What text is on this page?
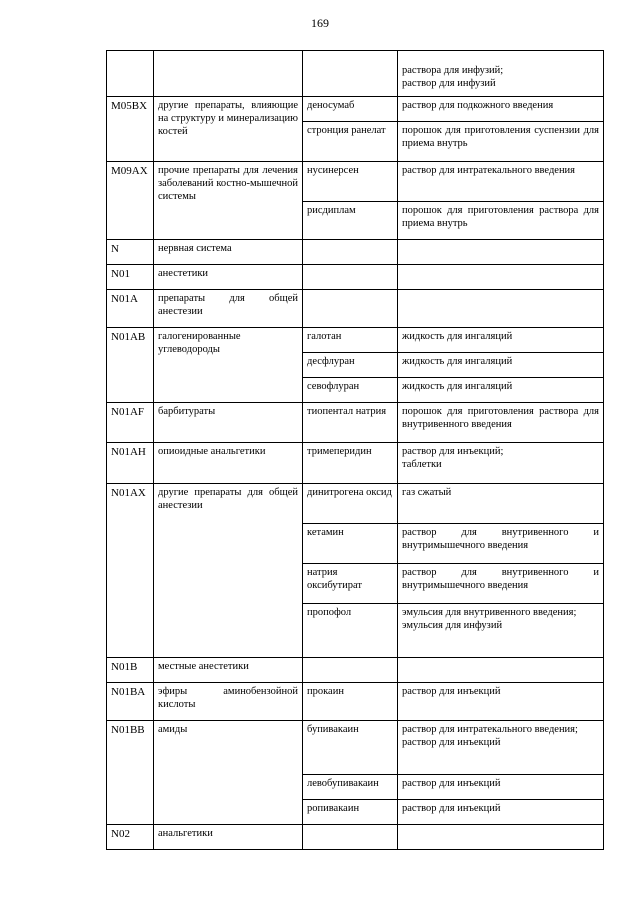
169

			раствора для инфузий;
раствор для инфузий

M05BX	другие препараты, влияющие на структуру и минерализацию костей	деносумаб	раствор для подкожного введения
		стронция ранелат	порошок для приготовления суспензии для приема внутрь
M09AX	прочие препараты для лечения заболеваний костно-мышечной системы	нусинерсен	раствор для интратекального введения
		рисдиплам	порошок для приготовления раствора для приема внутрь
N	нервная система		
N01	анестетики		
N01A	препараты для общей анестезии		
N01AB	галогенированные углеводороды	галотан	жидкость для ингаляций
		десфлуран	жидкость для ингаляций
		севофлуран	жидкость для ингаляций
N01AF	барбитураты	тиопентал натрия	порошок для приготовления раствора для внутривенного введения
N01AH	опиоидные анальгетики	тримеперидин	раствор для инъекций;
таблетки

N01AX	другие препараты для общей анестезии	динитрогена оксид	газ сжатый
		кетамин	раствор для внутривенного и внутримышечного введения
		натрия оксибутират	раствор для внутривенного и внутримышечного введения
		пропофол	эмульсия для внутривенного введения;
эмульсия для инфузий

N01B	местные анестетики		
N01BA	эфиры аминобензойной кислоты	прокаин	раствор для инъекций
N01BB	амиды	бупивакаин	раствор для интратекального введения;
раствор для инъекций

		левобупивакаин	раствор для инъекций
		ропивакаин	раствор для инъекций
N02	анальгетики		
